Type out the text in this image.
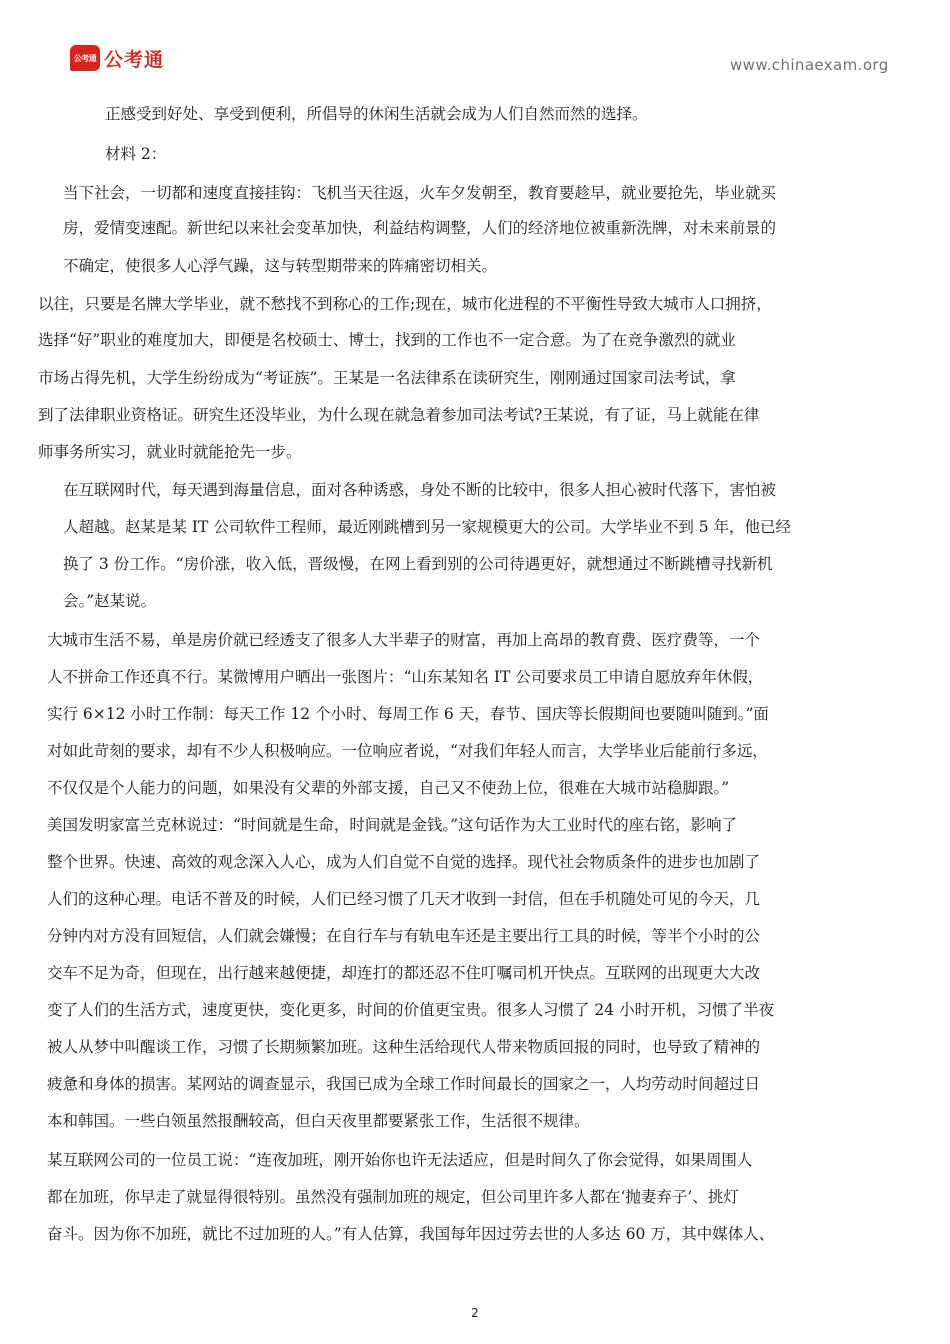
公考通 公考通	www.chinaexam.org
正感受到好处、享受到便利，所倡导的休闲生活就会成为人们自然而然的选择。
材料 2：
当下社会，一切都和速度直接挂钩：飞机当天往返，火车夕发朝至，教育要趁早，就业要抢先，毕业就买
房，爱情变速配。新世纪以来社会变革加快，利益结构调整，人们的经济地位被重新洗牌，对未来前景的
不确定，使很多人心浮气躁，这与转型期带来的阵痛密切相关。
以往，只要是名牌大学毕业，就不愁找不到称心的工作;现在，城市化进程的不平衡性导致大城市人口拥挤，
选择“好”职业的难度加大，即便是名校硕士、博士，找到的工作也不一定合意。为了在竞争激烈的就业
市场占得先机，大学生纷纷成为“考证族”。王某是一名法律系在读研究生，刚刚通过国家司法考试，拿
到了法律职业资格证。研究生还没毕业，为什么现在就急着参加司法考试?王某说，有了证，马上就能在律
师事务所实习，就业时就能抢先一步。
在互联网时代，每天遇到海量信息，面对各种诱惑，身处不断的比较中，很多人担心被时代落下，害怕被
人超越。赵某是某 IT 公司软件工程师，最近刚跳槽到另一家规模更大的公司。大学毕业不到 5 年，他已经
换了 3 份工作。“房价涨，收入低，晋级慢，在网上看到别的公司待遇更好，就想通过不断跳槽寻找新机
会。”赵某说。
大城市生活不易，单是房价就已经透支了很多人大半辈子的财富，再加上高昂的教育费、医疗费等，一个
人不拼命工作还真不行。某微博用户晒出一张图片：“山东某知名 IT 公司要求员工申请自愿放弃年休假，
实行 6×12 小时工作制：每天工作 12 个小时、每周工作 6 天，春节、国庆等长假期间也要随叫随到。”面
对如此苛刻的要求，却有不少人积极响应。一位响应者说，“对我们年轻人而言，大学毕业后能前行多远，
不仅仅是个人能力的问题，如果没有父辈的外部支援，自己又不使劲上位，很难在大城市站稳脚跟。”
美国发明家富兰克林说过：“时间就是生命，时间就是金钱。”这句话作为大工业时代的座右铭，影响了
整个世界。快速、高效的观念深入人心，成为人们自觉不自觉的选择。现代社会物质条件的进步也加剧了
人们的这种心理。电话不普及的时候，人们已经习惯了几天才收到一封信，但在手机随处可见的今天，几
分钟内对方没有回短信，人们就会嫌慢；在自行车与有轨电车还是主要出行工具的时候，等半个小时的公
交车不足为奇，但现在，出行越来越便捷，却连打的都还忍不住叮嘱司机开快点。互联网的出现更大大改
变了人们的生活方式，速度更快，变化更多，时间的价值更宝贵。很多人习惯了 24 小时开机，习惯了半夜
被人从梦中叫醒谈工作，习惯了长期频繁加班。这种生活给现代人带来物质回报的同时，也导致了精神的
疲惫和身体的损害。某网站的调查显示，我国已成为全球工作时间最长的国家之一，人均劳动时间超过日
本和韩国。一些白领虽然报酬较高，但白天夜里都要紧张工作，生活很不规律。
某互联网公司的一位员工说：“连夜加班，刚开始你也许无法适应，但是时间久了你会觉得，如果周围人
都在加班，你早走了就显得很特别。虽然没有强制加班的规定，但公司里许多人都在‘抛妻弃子’、挑灯
奋斗。因为你不加班，就比不过加班的人。”有人估算，我国每年因过劳去世的人多达 60 万，其中媒体人、
2
